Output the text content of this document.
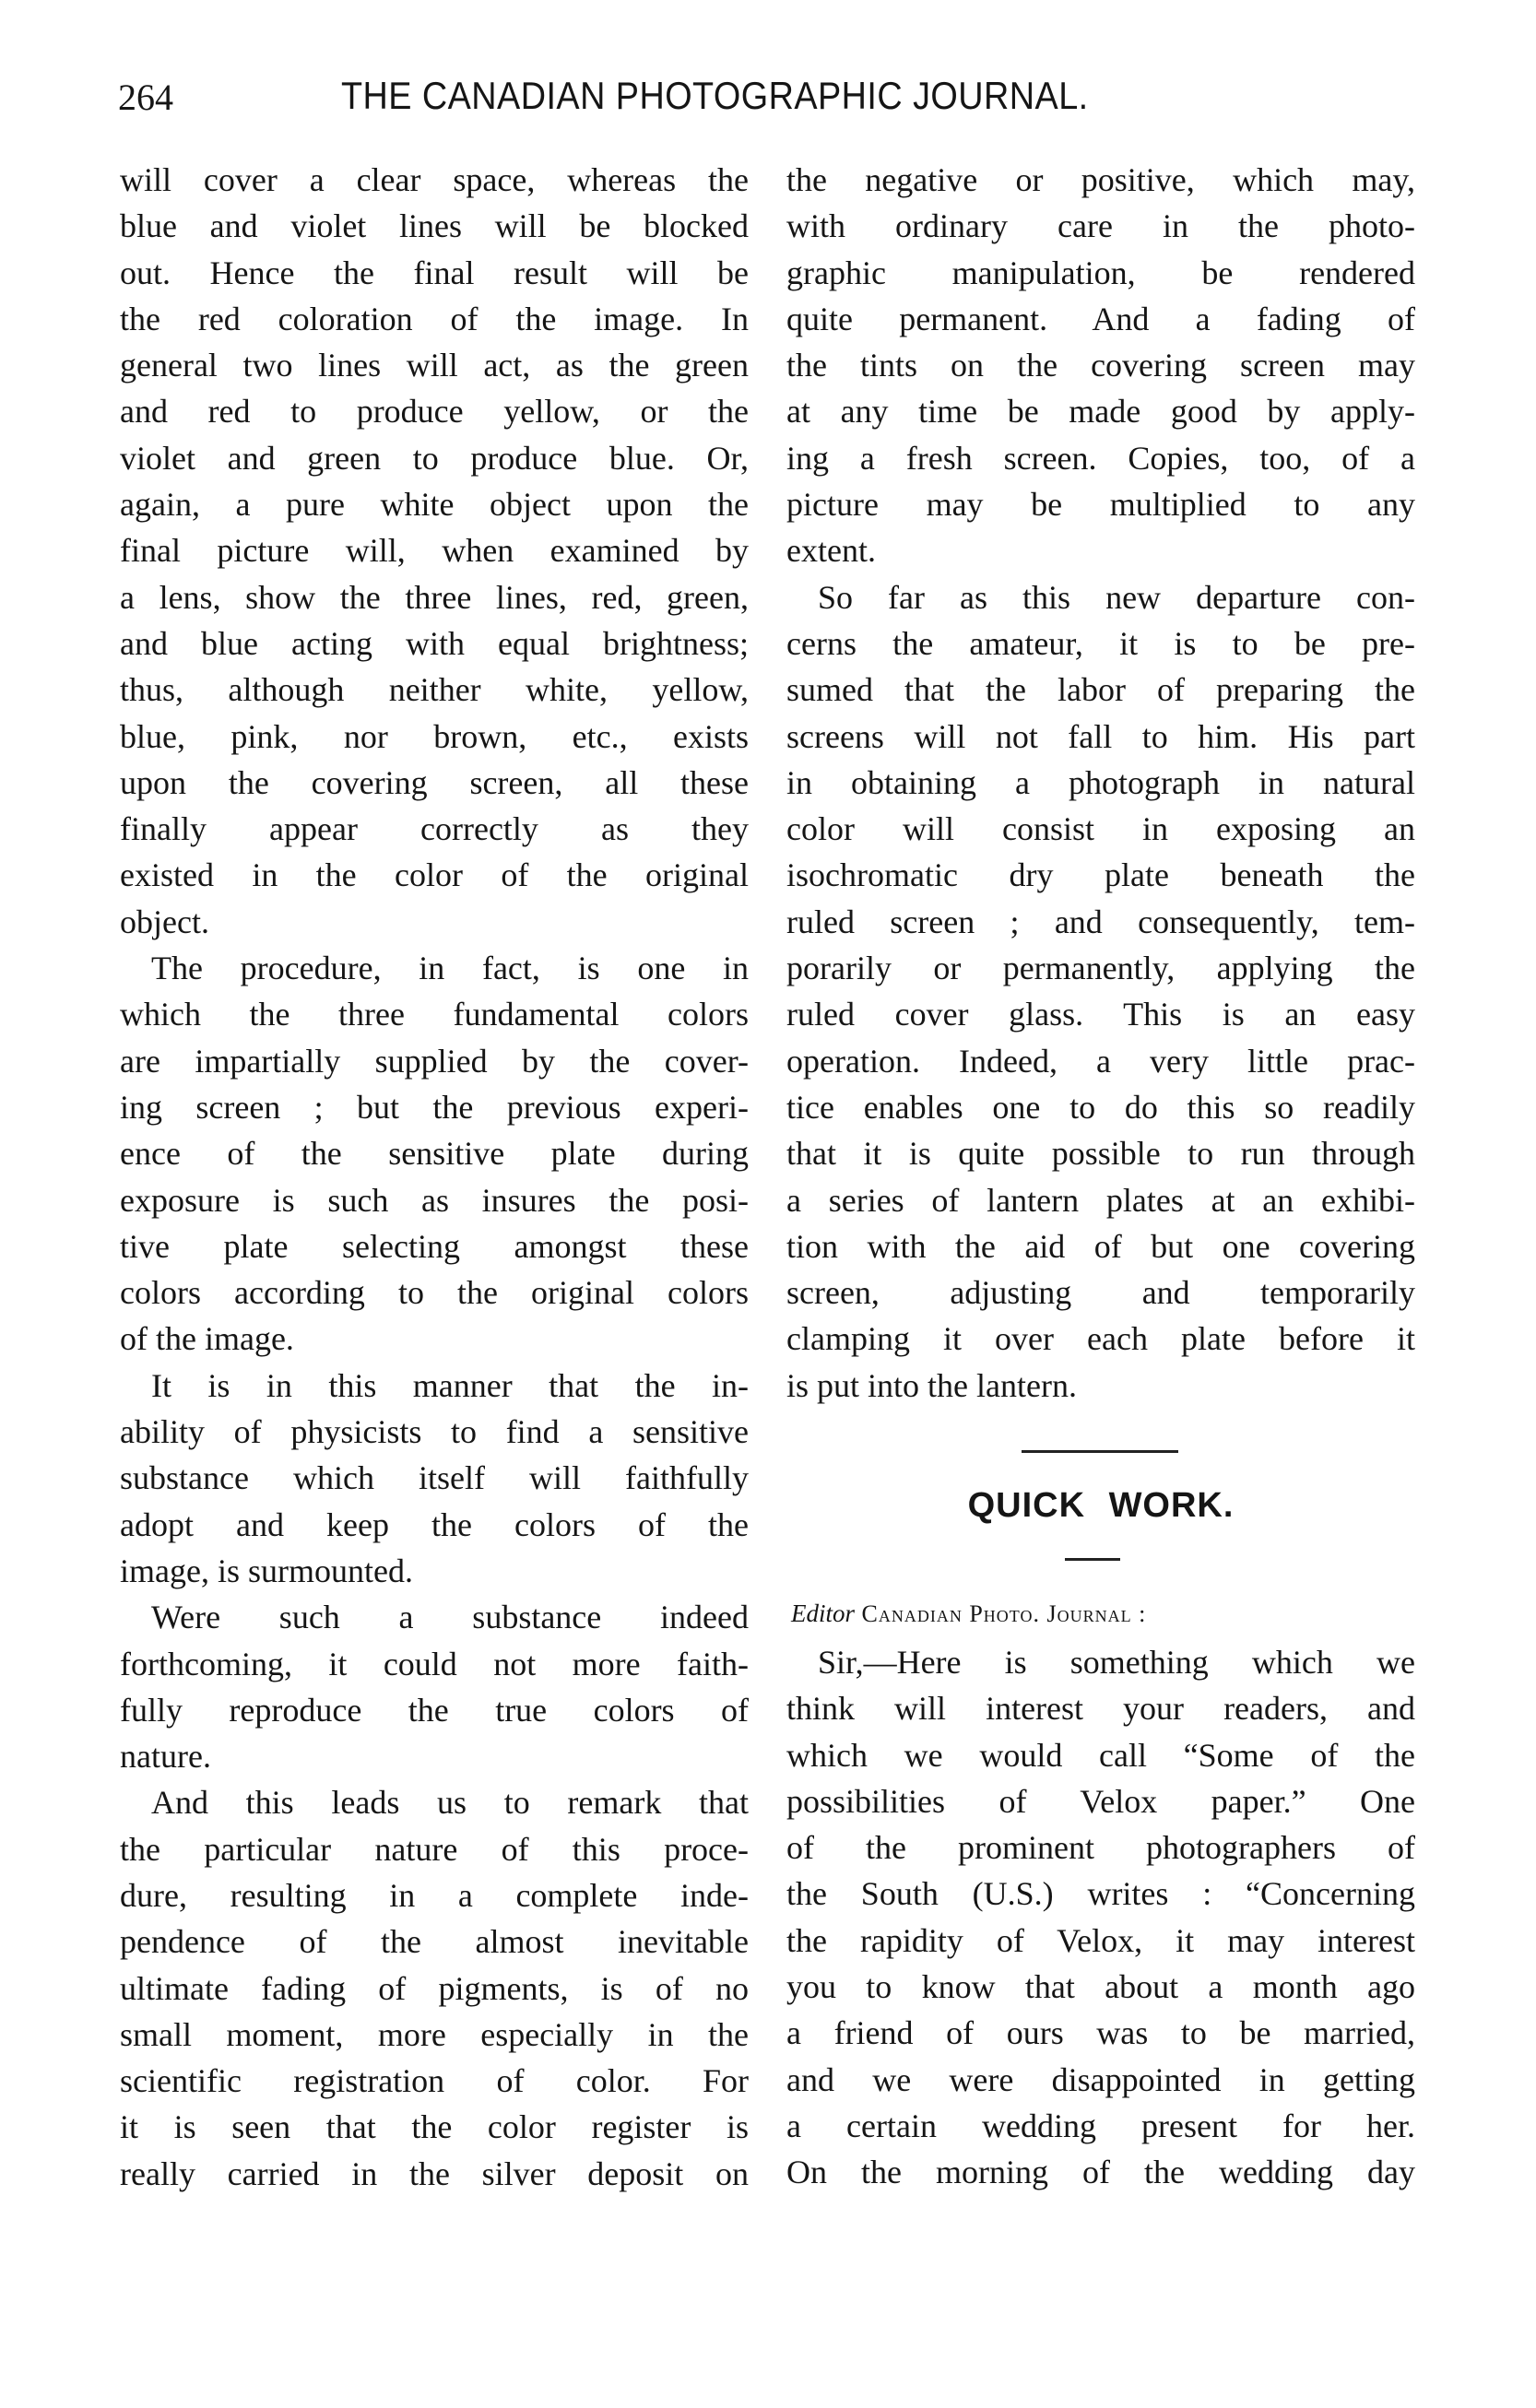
264	THE CANADIAN PHOTOGRAPHIC JOURNAL.
will cover a clear space, whereas the
blue and violet lines will be blocked
out. Hence the final result will be
the red coloration of the image. In
general two lines will act, as the green
and red to produce yellow, or the
violet and green to produce blue. Or,
again, a pure white object upon the
final picture will, when examined by
a lens, show the three lines, red, green,
and blue acting with equal brightness;
thus, although neither white, yellow,
blue, pink, nor brown, etc., exists
upon the covering screen, all these
finally appear correctly as they
existed in the color of the original
object.
The procedure, in fact, is one in
which the three fundamental colors
are impartially supplied by the cover-
ing screen ; but the previous experi-
ence of the sensitive plate during
exposure is such as insures the posi-
tive plate selecting amongst these
colors according to the original colors
of the image.
It is in this manner that the in-
ability of physicists to find a sensitive
substance which itself will faithfully
adopt and keep the colors of the
image, is surmounted.
Were such a substance indeed
forthcoming, it could not more faith-
fully reproduce the true colors of
nature.
And this leads us to remark that
the particular nature of this proce-
dure, resulting in a complete inde-
pendence of the almost inevitable
ultimate fading of pigments, is of no
small moment, more especially in the
scientific registration of color. For
it is seen that the color register is
really carried in the silver deposit on
the negative or positive, which may,
with ordinary care in the photo-
graphic manipulation, be rendered
quite permanent. And a fading of
the tints on the covering screen may
at any time be made good by apply-
ing a fresh screen. Copies, too, of a
picture may be multiplied to any
extent.
So far as this new departure con-
cerns the amateur, it is to be pre-
sumed that the labor of preparing the
screens will not fall to him. His part
in obtaining a photograph in natural
color will consist in exposing an
isochromatic dry plate beneath the
ruled screen ; and consequently, tem-
porarily or permanently, applying the
ruled cover glass. This is an easy
operation. Indeed, a very little prac-
tice enables one to do this so readily
that it is quite possible to run through
a series of lantern plates at an exhibi-
tion with the aid of but one covering
screen, adjusting and temporarily
clamping it over each plate before it
is put into the lantern.
QUICK WORK.
Editor Canadian Photo. Journal :
Sir,—Here is something which we
think will interest your readers, and
which we would call “Some of the
possibilities of Velox paper.” One
of the prominent photographers of
the South (U.S.) writes : “Concerning
the rapidity of Velox, it may interest
you to know that about a month ago
a friend of ours was to be married,
and we were disappointed in getting
a certain wedding present for her.
On the morning of the wedding day
